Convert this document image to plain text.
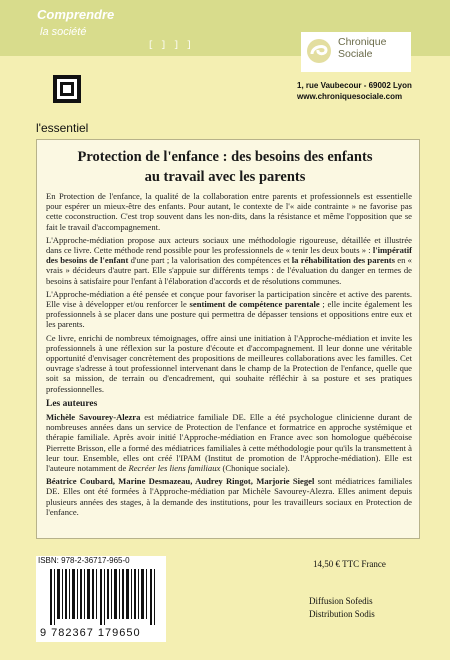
Comprendre
la société
[ ] ] ]	Chronique
Sociale
1, rue Vaubecour - 69002 Lyon
www.chroniquesociale.com
l'essentiel
Protection de l'enfance : des besoins des enfants
au travail avec les parents

En Protection de l'enfance, la qualité de la collaboration entre parents et professionnels est essentielle pour espérer un mieux-être des enfants. Pour autant, le contexte de l'« aide contrainte » ne favorise pas cette coconstruction. C'est trop souvent dans les non-dits, dans la résistance et même l'opposition que se fait le travail d'accompagnement.

L'Approche-médiation propose aux acteurs sociaux une méthodologie rigoureuse, détaillée et illustrée dans ce livre. Cette méthode rend possible pour les professionnels de « tenir les deux bouts » : l'impératif des besoins de l'enfant d'une part ; la valorisation des compétences et la réhabilitation des parents en « vrais » décideurs d'autre part. Elle s'appuie sur différents temps : de l'évaluation du danger en termes de besoins à satisfaire pour l'enfant à l'élaboration d'accords et de résolutions communes.

L'Approche-médiation a été pensée et conçue pour favoriser la participation sincère et active des parents. Elle vise à développer et/ou renforcer le sentiment de compétence parentale ; elle incite également les professionnels à se placer dans une posture qui permettra de dépasser tensions et oppositions entre eux et les parents.

Ce livre, enrichi de nombreux témoignages, offre ainsi une initiation à l'Approche-médiation et invite les professionnels à une réflexion sur la posture d'écoute et d'accompagnement. Il leur donne une véritable opportunité d'envisager concrètement des propositions de meilleures collaborations avec les familles. Cet ouvrage s'adresse à tout professionnel intervenant dans le champ de la Protection de l'enfance, quelle que soit sa mission, de terrain ou d'encadrement, qui souhaite réfléchir à sa posture et ses pratiques professionnelles.

Les auteures

Michèle Savourey-Alezra est médiatrice familiale DE. Elle a été psychologue clinicienne durant de nombreuses années dans un service de Protection de l'enfance et formatrice en approche systémique et thérapie familiale. Après avoir initié l'Approche-médiation en France avec son homologue québécoise Pierrette Brisson, elle a formé des médiatrices familiales à cette méthodologie pour qu'ils la transmettent à leur tour. Ensemble, elles ont créé l'IPAM (Institut de promotion de l'Approche-médiation). Elle est l'auteure notamment de Recréer les liens familiaux (Chonique sociale).

Béatrice Coubard, Marine Desmazeau, Audrey Ringot, Marjorie Siegel sont médiatrices familiales DE. Elles ont été formées à l'Approche-médiation par Michèle Savourey-Alezra. Elles animent depuis plusieurs années des stages, à la demande des institutions, pour les travailleurs sociaux en Protection de l'enfance.

ISBN: 978-2-36717-965-0
9 782367 179650
14,50 € TTC France
Diffusion Sofedis
Distribution Sodis
